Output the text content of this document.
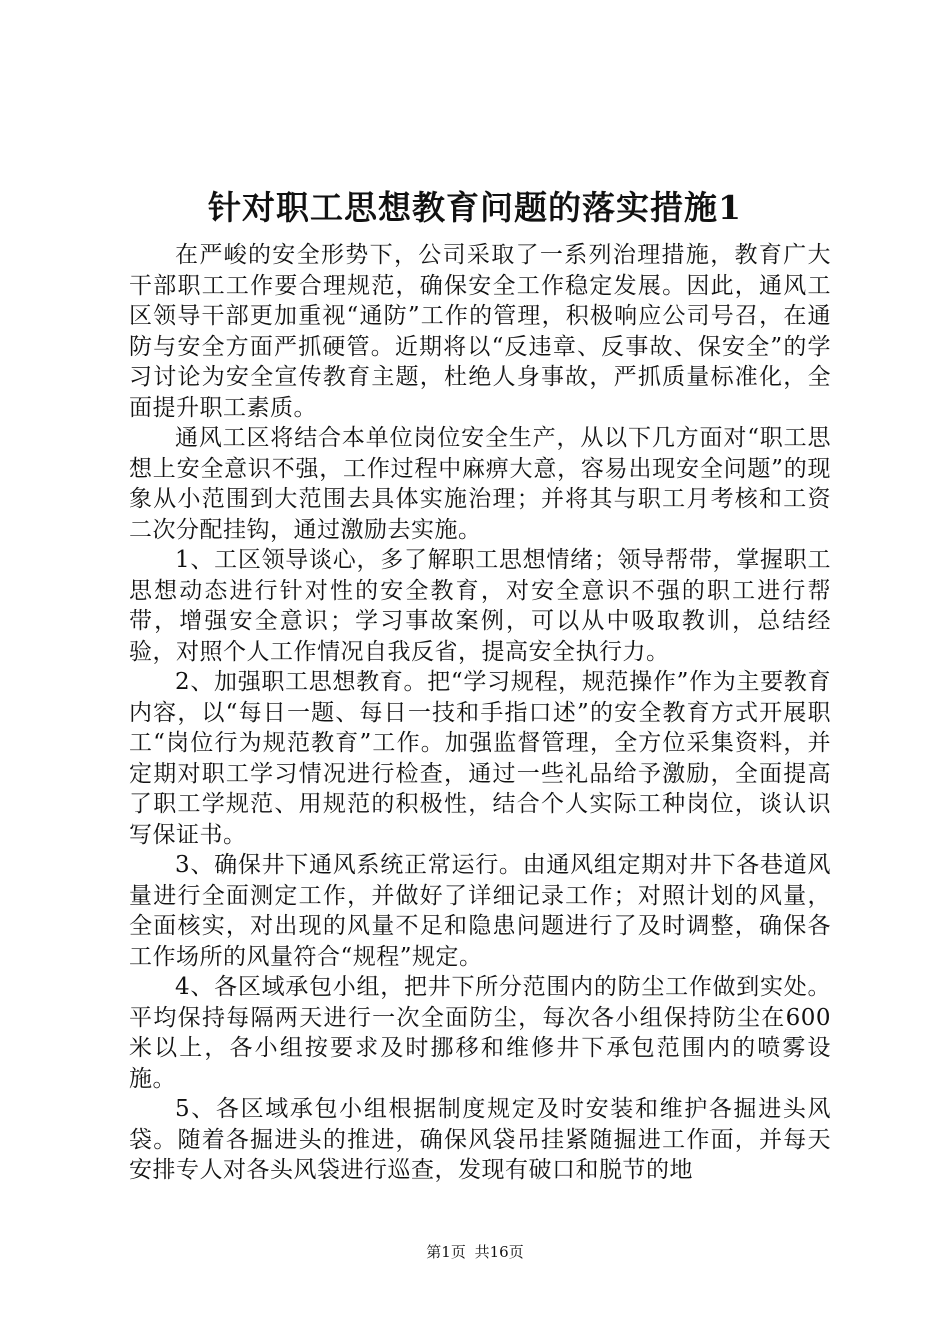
针对职工思想教育问题的落实措施1

在严峻的安全形势下，公司采取了一系列治理措施，教育广大干部职工工作要合理规范，确保安全工作稳定发展。因此，通风工区领导干部更加重视“通防”工作的管理，积极响应公司号召，在通防与安全方面严抓硬管。近期将以“反违章、反事故、保安全”的学习讨论为安全宣传教育主题，杜绝人身事故，严抓质量标准化，全面提升职工素质。

通风工区将结合本单位岗位安全生产，从以下几方面对“职工思想上安全意识不强，工作过程中麻痹大意，容易出现安全问题”的现象从小范围到大范围去具体实施治理；并将其与职工月考核和工资二次分配挂钩，通过激励去实施。

1、工区领导谈心，多了解职工思想情绪；领导帮带，掌握职工思想动态进行针对性的安全教育，对安全意识不强的职工进行帮带，增强安全意识；学习事故案例，可以从中吸取教训，总结经验，对照个人工作情况自我反省，提高安全执行力。

2、加强职工思想教育。把“学习规程，规范操作”作为主要教育内容，以“每日一题、每日一技和手指口述”的安全教育方式开展职工“岗位行为规范教育”工作。加强监督管理，全方位采集资料，并定期对职工学习情况进行检查，通过一些礼品给予激励，全面提高了职工学规范、用规范的积极性，结合个人实际工种岗位，谈认识写保证书。

3、确保井下通风系统正常运行。由通风组定期对井下各巷道风量进行全面测定工作，并做好了详细记录工作；对照计划的风量，全面核实，对出现的风量不足和隐患问题进行了及时调整，确保各工作场所的风量符合“规程”规定。

4、各区域承包小组，把井下所分范围内的防尘工作做到实处。平均保持每隔两天进行一次全面防尘，每次各小组保持防尘在600米以上，各小组按要求及时挪移和维修井下承包范围内的喷雾设施。

5、各区域承包小组根据制度规定及时安装和维护各掘进头风袋。随着各掘进头的推进，确保风袋吊挂紧随掘进工作面，并每天安排专人对各头风袋进行巡查，发现有破口和脱节的地

第1页 共16页
